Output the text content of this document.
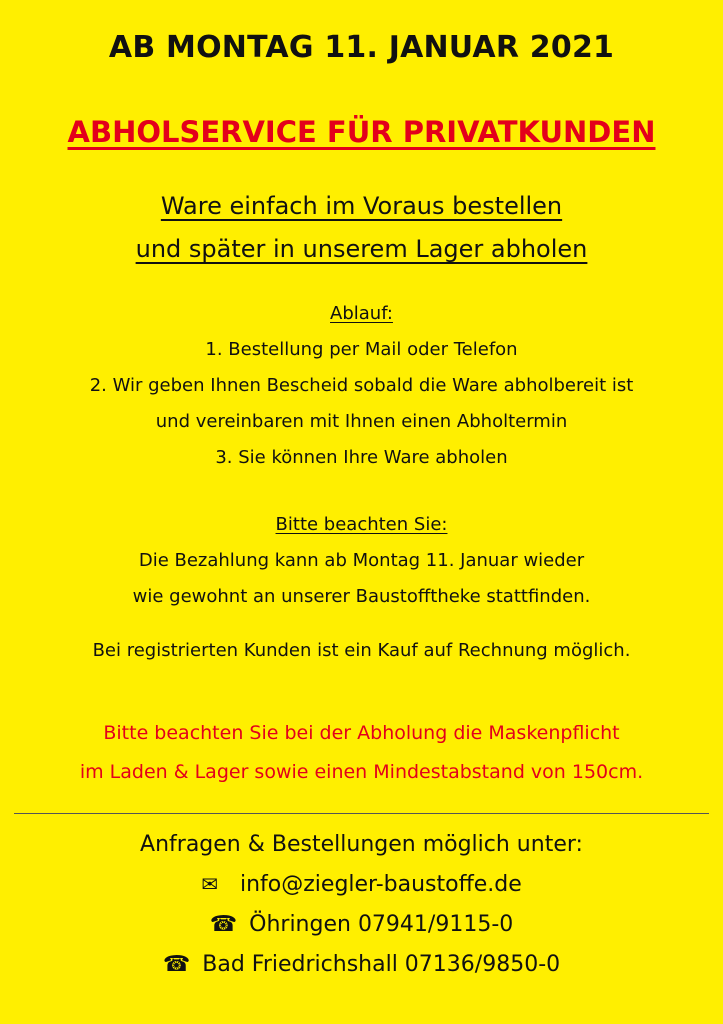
AB MONTAG 11. JANUAR 2021
ABHOLSERVICE FÜR PRIVATKUNDEN
Ware einfach im Voraus bestellen
und später in unserem Lager abholen
Ablauf:
1. Bestellung per Mail oder Telefon
2. Wir geben Ihnen Bescheid sobald die Ware abholbereit ist
und vereinbaren mit Ihnen einen Abholtermin
3. Sie können Ihre Ware abholen
Bitte beachten Sie:
Die Bezahlung kann ab Montag 11. Januar wieder
wie gewohnt an unserer Baustofftheke stattfinden.
Bei registrierten Kunden ist ein Kauf auf Rechnung möglich.
Bitte beachten Sie bei der Abholung die Maskenpflicht
im Laden & Lager sowie einen Mindestabstand von 150cm.
Anfragen & Bestellungen möglich unter:
✉ info@ziegler-baustoffe.de
☎ Öhringen 07941/9115-0
☎ Bad Friedrichshall 07136/9850-0
